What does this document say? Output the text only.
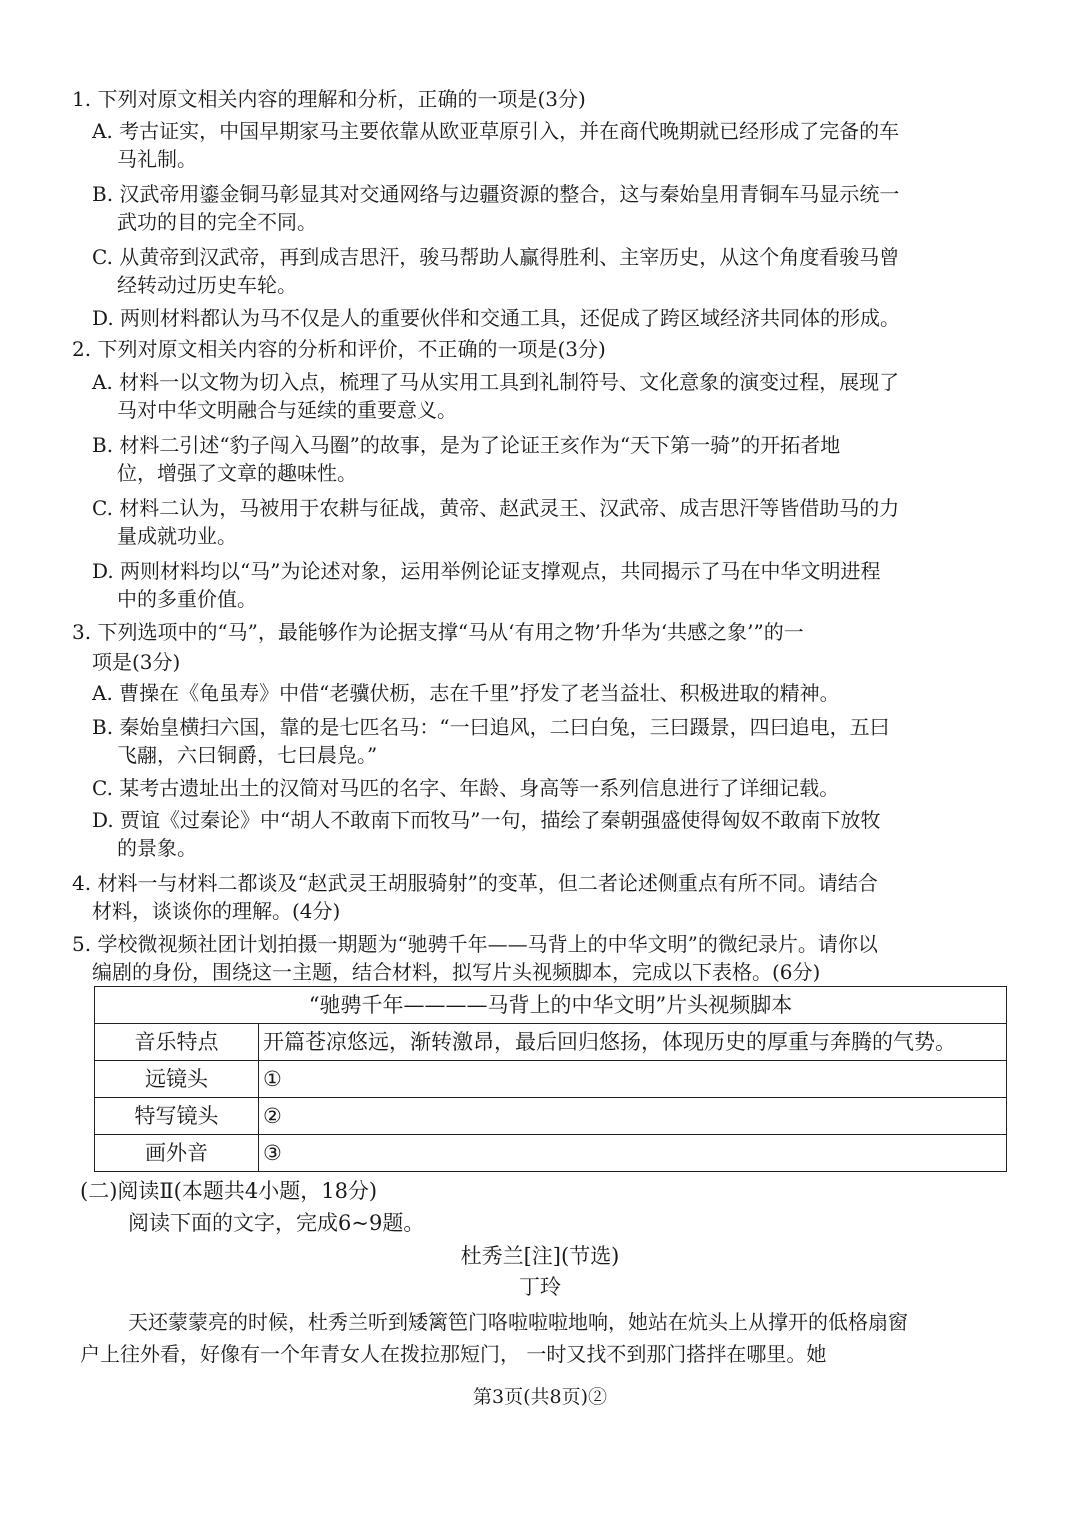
1. 下列对原文相关内容的理解和分析，正确的一项是(3分)
A. 考古证实，中国早期家马主要依靠从欧亚草原引入，并在商代晚期就已经形成了完备的车
马礼制。
B. 汉武帝用鎏金铜马彰显其对交通网络与边疆资源的整合，这与秦始皇用青铜车马显示统一
武功的目的完全不同。
C. 从黄帝到汉武帝，再到成吉思汗，骏马帮助人赢得胜利、主宰历史，从这个角度看骏马曾
经转动过历史车轮。
D. 两则材料都认为马不仅是人的重要伙伴和交通工具，还促成了跨区域经济共同体的形成。
2. 下列对原文相关内容的分析和评价，不正确的一项是(3分)
A. 材料一以文物为切入点，梳理了马从实用工具到礼制符号、文化意象的演变过程，展现了
马对中华文明融合与延续的重要意义。
B. 材料二引述“豹子闯入马圈”的故事，是为了论证王亥作为“天下第一骑”的开拓者地
位，增强了文章的趣味性。
C. 材料二认为，马被用于农耕与征战，黄帝、赵武灵王、汉武帝、成吉思汗等皆借助马的力
量成就功业。
D. 两则材料均以“马”为论述对象，运用举例论证支撑观点，共同揭示了马在中华文明进程
中的多重价值。
3. 下列选项中的“马”，最能够作为论据支撑“马从‘有用之物’升华为‘共感之象’”的一
项是(3分)
A. 曹操在《龟虽寿》中借“老骥伏枥，志在千里”抒发了老当益壮、积极进取的精神。
B. 秦始皇横扫六国，靠的是七匹名马：“一曰追风，二曰白兔，三曰蹑景，四曰追电，五曰
飞翮，六曰铜爵，七曰晨凫。”
C. 某考古遗址出土的汉简对马匹的名字、年龄、身高等一系列信息进行了详细记载。
D. 贾谊《过秦论》中“胡人不敢南下而牧马”一句，描绘了秦朝强盛使得匈奴不敢南下放牧
的景象。
4. 材料一与材料二都谈及“赵武灵王胡服骑射”的变革，但二者论述侧重点有所不同。请结合
材料，谈谈你的理解。(4分)
5. 学校微视频社团计划拍摄一期题为“驰骋千年——马背上的中华文明”的微纪录片。请你以
编剧的身份，围绕这一主题，结合材料，拟写片头视频脚本，完成以下表格。(6分)
“驰骋千年————马背上的中华文明”片头视频脚本	
音乐特点	开篇苍凉悠远，渐转激昂，最后回归悠扬，体现历史的厚重与奔腾的气势。
远镜头	①
特写镜头	②
画外音	③
(二)阅读Ⅱ(本题共4小题，18分)
阅读下面的文字，完成6~9题。
杜秀兰[注](节选)
丁玲
天还蒙蒙亮的时候，杜秀兰听到矮篱笆门咯啦啦啦地响，她站在炕头上从撑开的低格扇窗
户上往外看，好像有一个年青女人在拨拉那短门， 一时又找不到那门搭拌在哪里。她
第3页(共8页)②
